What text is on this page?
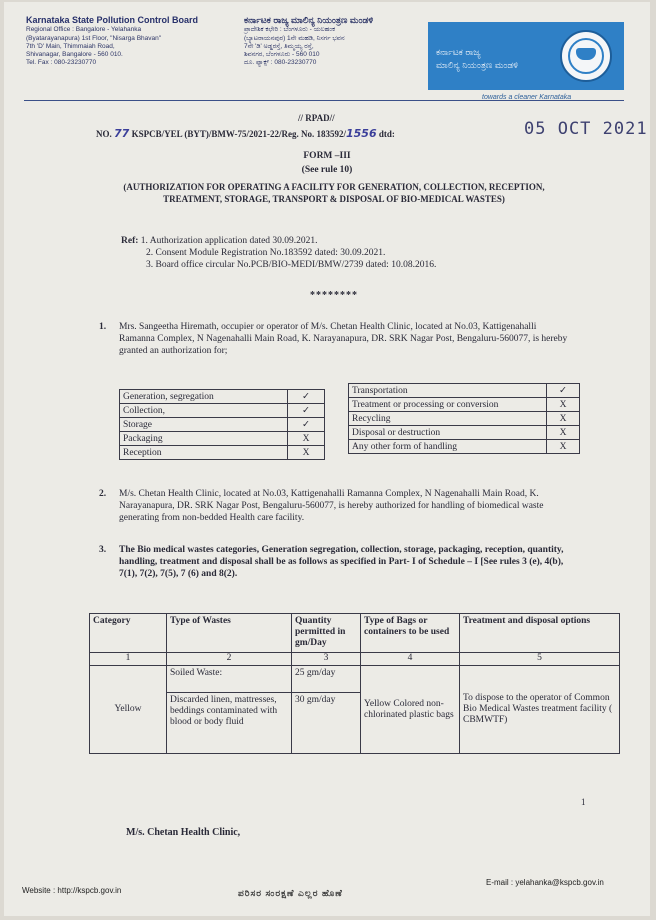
Karnataka State Pollution Control Board
Regional Office : Bangalore - Yelahanka
(Byatarayanapura) 1st Floor, "Nisarga Bhavan"
7th 'D' Main, Thimmaiah Road,
Shivanagar, Bangalore - 560 010.
Tel. Fax : 080-23230770
ಕರ್ನಾಟಕ ರಾಜ್ಯ ಮಾಲಿನ್ಯ ನಿಯಂತ್ರಣ ಮಂಡಳಿ
ಪ್ರಾದೇಶಿಕ ಕಛೇರಿ : ಬೆಂಗಳೂರು - ಯಲಹಂಕ
(ಬ್ಯಾಟರಾಯನಪುರ) 1ನೇ ಮಹಡಿ, ನಿಸರ್ಗ ಭವನ
7ನೇ 'ಡಿ' ಅಡ್ಡರಸ್ತೆ, ತಿಮ್ಮಯ್ಯ ರಸ್ತೆ,
ಶಿವನಗರ, ಬೆಂಗಳೂರು - 560 010
ದೂ. ಫ್ಯಾಕ್ಸ್ : 080-23230770
ಕರ್ನಾಟಕ ರಾಜ್ಯ
ಮಾಲಿನ್ಯ ನಿಯಂತ್ರಣ ಮಂಡಳಿ
towards a cleaner Karnataka
// RPAD//
NO. 77 KSPCB/YEL (BYT)/BMW-75/2021-22/Reg. No. 183592/1556 dtd:	05 OCT 2021
FORM –III
(See rule 10)
(AUTHORIZATION FOR OPERATING A FACILITY FOR GENERATION, COLLECTION, RECEPTION, TREATMENT, STORAGE, TRANSPORT & DISPOSAL OF BIO-MEDICAL WASTES)
Ref: 1. Authorization application dated 30.09.2021.
2. Consent Module Registration No.183592 dated: 30.09.2021.
3. Board office circular No.PCB/BIO-MEDI/BMW/2739 dated: 10.08.2016.
********
1. Mrs. Sangeetha Hiremath, occupier or operator of M/s. Chetan Health Clinic, located at No.03, Kattigenahalli Ramanna Complex, N Nagenahalli Main Road, K. Narayanapura, DR. SRK Nagar Post, Bengaluru-560077, is hereby granted an authorization for;
Generation, segregation	✓
Collection,	✓
Storage	✓
Packaging	X
Reception	X
Transportation	✓
Treatment or processing or conversion	X
Recycling	X
Disposal or destruction	X
Any other form of handling	X
2. M/s. Chetan Health Clinic, located at No.03, Kattigenahalli Ramanna Complex, N Nagenahalli Main Road, K. Narayanapura, DR. SRK Nagar Post, Bengaluru-560077, is hereby authorized for handling of biomedical waste generating from non-bedded Health care facility.
3. The Bio medical wastes categories, Generation segregation, collection, storage, packaging, reception, quantity, handling, treatment and disposal shall be as follows as specified in Part- I of Schedule – I [See rules 3 (e), 4(b), 7(1), 7(2), 7(5), 7 (6) and 8(2).
Category	Type of Wastes	Quantity permitted in gm/Day	Type of Bags or containers to be used	Treatment and disposal options
1	2	3	4	5
Yellow	Soiled Waste:	25 gm/day	Yellow Colored non-chlorinated plastic bags	To dispose to the operator of Common Bio Medical Wastes treatment facility ( CBMWTF)
	Discarded linen, mattresses, beddings contaminated with blood or body fluid	30 gm/day		
1
M/s. Chetan Health Clinic,
Website : http://kspcb.gov.in	ಪರಿಸರ ಸಂರಕ್ಷಣೆ ಎಲ್ಲರ ಹೊಣೆ
E-mail : yelahanka@kspcb.gov.in
